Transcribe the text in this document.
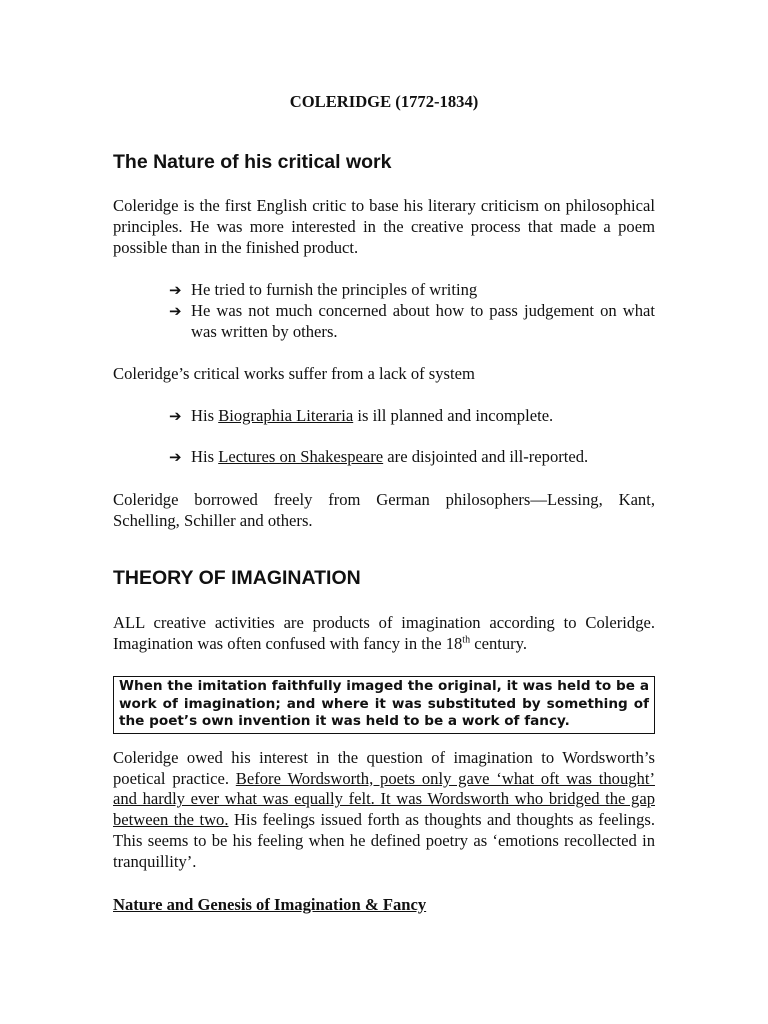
COLERIDGE (1772-1834)
The Nature of his critical work

Coleridge is the first English critic to base his literary criticism on philosophical principles. He was more interested in the creative process that made a poem possible than in the finished product.

➔ He tried to furnish the principles of writing
➔ He was not much concerned about how to pass judgement on what was written by others.

Coleridge’s critical works suffer from a lack of system

➔ His Biographia Literaria is ill planned and incomplete.
➔ His Lectures on Shakespeare are disjointed and ill-reported.

Coleridge borrowed freely from German philosophers—Lessing, Kant, Schelling, Schiller and others.

THEORY OF IMAGINATION

ALL creative activities are products of imagination according to Coleridge. Imagination was often confused with fancy in the 18th century.

When the imitation faithfully imaged the original, it was held to be a work of imagination; and where it was substituted by something of the poet’s own invention it was held to be a work of fancy.

Coleridge owed his interest in the question of imagination to Wordsworth’s poetical practice. Before Wordsworth, poets only gave ‘what oft was thought’ and hardly ever what was equally felt. It was Wordsworth who bridged the gap between the two. His feelings issued forth as thoughts and thoughts as feelings. This seems to be his feeling when he defined poetry as ‘emotions recollected in tranquillity’.

Nature and Genesis of Imagination & Fancy
